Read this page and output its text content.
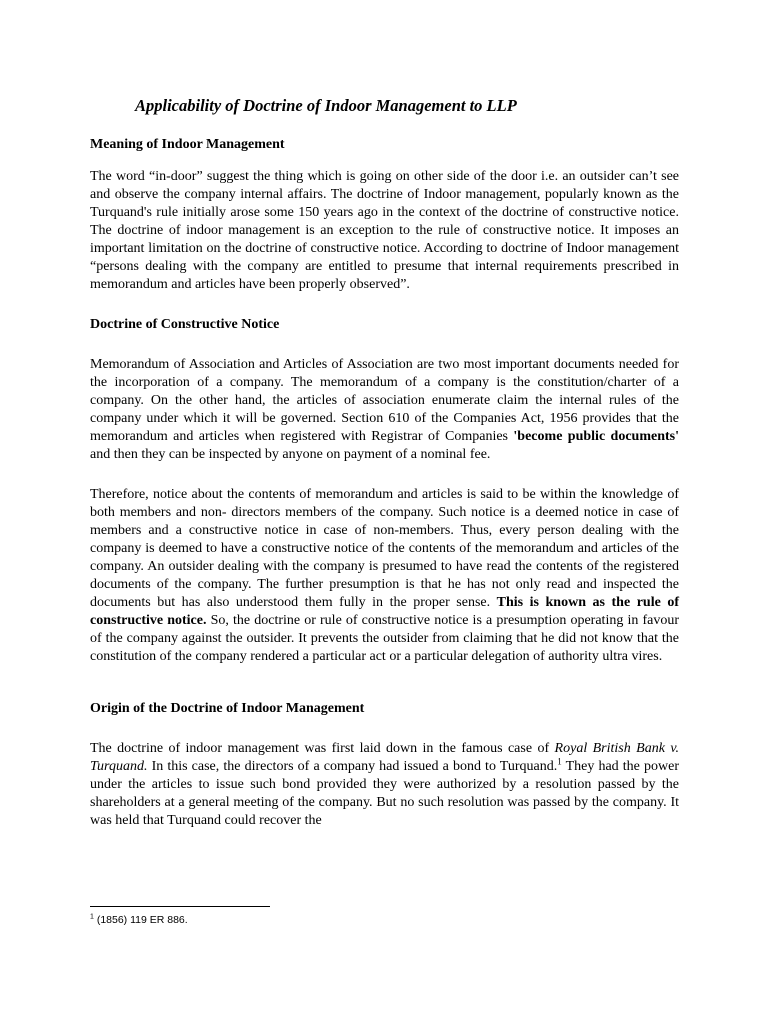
Applicability of Doctrine of Indoor Management to LLP

Meaning of Indoor Management

The word “in-door” suggest the thing which is going on other side of the door i.e. an outsider can’t see and observe the company internal affairs. The doctrine of Indoor management, popularly known as the Turquand's rule initially arose some 150 years ago in the context of the doctrine of constructive notice. The doctrine of indoor management is an exception to the rule of constructive notice. It imposes an important limitation on the doctrine of constructive notice. According to doctrine of Indoor management “persons dealing with the company are entitled to presume that internal requirements prescribed in memorandum and articles have been properly observed”.

Doctrine of Constructive Notice

Memorandum of Association and Articles of Association are two most important documents needed for the incorporation of a company. The memorandum of a company is the constitution/charter of a company. On the other hand, the articles of association enumerate claim the internal rules of the company under which it will be governed. Section 610 of the Companies Act, 1956 provides that the memorandum and articles when registered with Registrar of Companies 'become public documents' and then they can be inspected by anyone on payment of a nominal fee.

Therefore, notice about the contents of memorandum and articles is said to be within the knowledge of both members and non- directors members of the company. Such notice is a deemed notice in case of members and a constructive notice in case of non-members. Thus, every person dealing with the company is deemed to have a constructive notice of the contents of the memorandum and articles of the company. An outsider dealing with the company is presumed to have read the contents of the registered documents of the company. The further presumption is that he has not only read and inspected the documents but has also understood them fully in the proper sense. This is known as the rule of constructive notice. So, the doctrine or rule of constructive notice is a presumption operating in favour of the company against the outsider. It prevents the outsider from claiming that he did not know that the constitution of the company rendered a particular act or a particular delegation of authority ultra vires.

Origin of the Doctrine of Indoor Management

The doctrine of indoor management was first laid down in the famous case of Royal British Bank v. Turquand. In this case, the directors of a company had issued a bond to Turquand.$^1$ They had the power under the articles to issue such bond provided they were authorized by a resolution passed by the shareholders at a general meeting of the company. But no such resolution was passed by the company. It was held that Turquand could recover the

$^1$ (1856) 119 ER 886.
